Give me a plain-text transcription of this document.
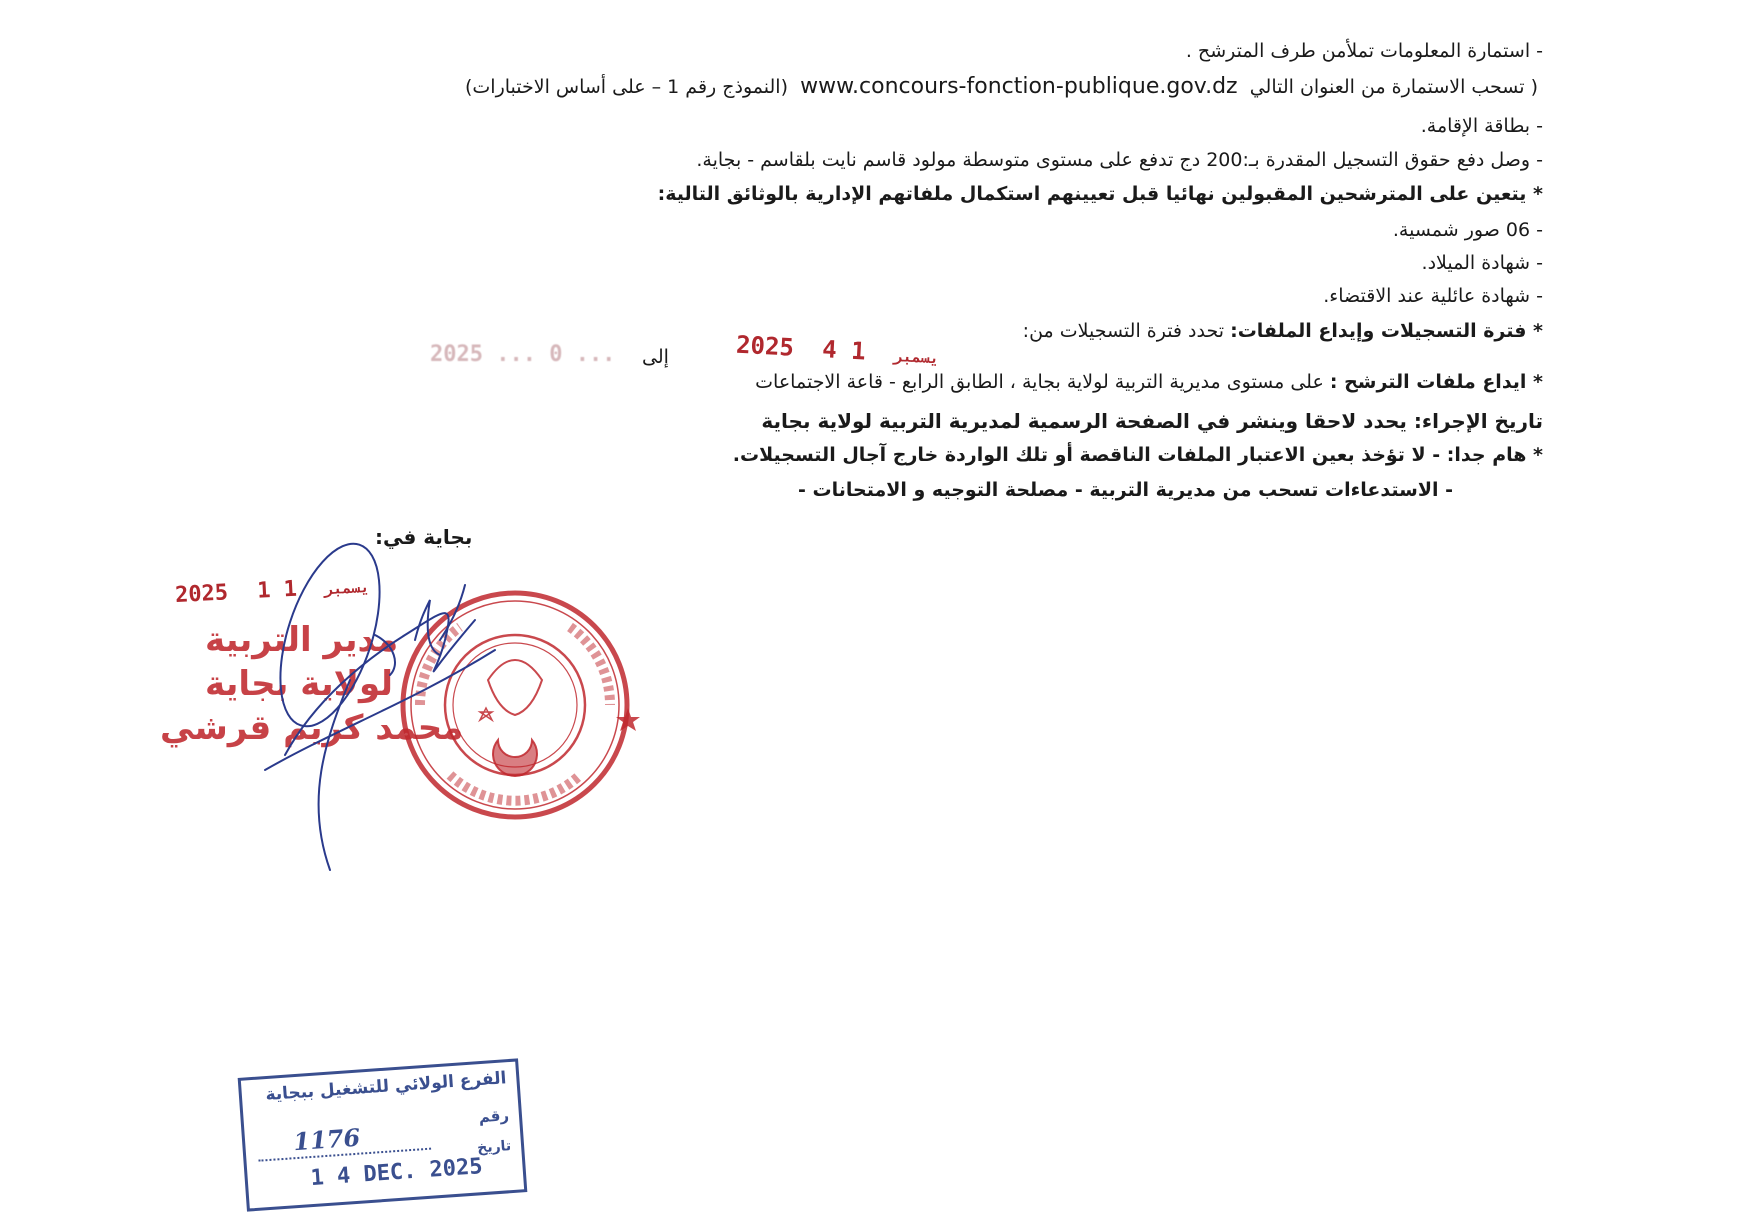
- استمارة المعلومات تملأمن طرف المترشح .
( تسحب الاستمارة من العنوان التالي  www.concours-fonction-publique.gov.dz  (النموذج رقم 1 – على أساس الاختبارات)
- بطاقة الإقامة.
- وصل دفع حقوق التسجيل المقدرة بـ:200 دج تدفع على مستوى متوسطة مولود قاسم نايت بلقاسم - بجاية.
* يتعين على المترشحين المقبولين نهائيا قبل تعيينهم استكمال ملفاتهم الإدارية بالوثائق التالية:
- 06 صور شمسية.
- شهادة الميلاد.
- شهادة عائلية عند الاقتضاء.
* فترة التسجيلات وإيداع الملفات: تحدد فترة التسجيلات من:
إلى	2025	يسمبر 1 4
2025 ... 0 ...
* ايداع ملفات الترشح : على مستوى مديرية التربية لولاية بجاية ، الطابق الرابع - قاعة الاجتماعات
تاريخ الإجراء: يحدد لاحقا وينشر في الصفحة الرسمية لمديرية التربية لولاية بجاية
* هام جدا: - لا تؤخذ بعين الاعتبار الملفات الناقصة أو تلك الواردة خارج آجال التسجيلات.
- الاستدعاءات تسحب من مديرية التربية - مصلحة التوجيه و الامتحانات -
بجاية في:
2025	يسمبر 1 1
مدير التربية
لولاية بجاية
محمد كريم قرشي
الفرع الولائي للتشغيل ببجاية
رقم
1176	تاريخ
1 4 DEC. 2025
